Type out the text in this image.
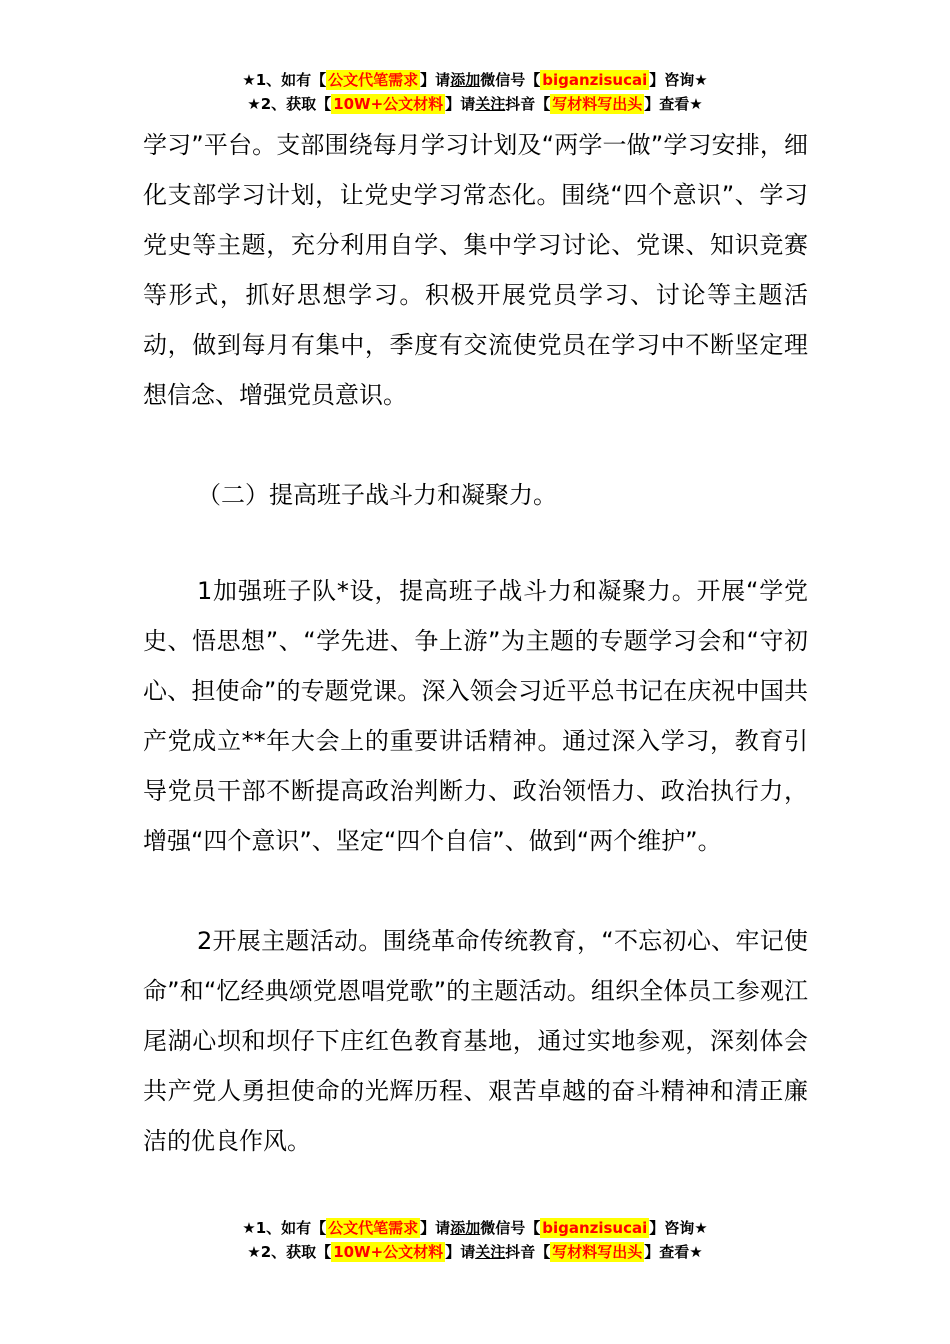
★1、如有【 公文代笔需求 】请添加微信号【 biganzisucai 】咨询★
★2、获取【 10W+公文材料 】请关注抖音【 写材料写出头 】查看★

学习”平台。支部围绕每月学习计划及“两学一做”学习安排，细化支部学习计划，让党史学习常态化。围绕“四个意识”、学习党史等主题，充分利用自学、集中学习讨论、党课、知识竞赛等形式，抓好思想学习。积极开展党员学习、讨论等主题活动，做到每月有集中，季度有交流使党员在学习中不断坚定理想信念、增强党员意识。

（二）提高班子战斗力和凝聚力。

1加强班子队*设，提高班子战斗力和凝聚力。开展“学党史、悟思想”、“学先进、争上游”为主题的专题学习会和“守初心、担使命”的专题党课。深入领会习近平总书记在庆祝中国共产党成立**年大会上的重要讲话精神。通过深入学习，教育引导党员干部不断提高政治判断力、政治领悟力、政治执行力，增强“四个意识”、坚定“四个自信”、做到“两个维护”。

2开展主题活动。围绕革命传统教育，“不忘初心、牢记使命”和“忆经典颂党恩唱党歌”的主题活动。组织全体员工参观江尾湖心坝和坝仔下庄红色教育基地，通过实地参观，深刻体会共产党人勇担使命的光辉历程、艰苦卓越的奋斗精神和清正廉洁的优良作风。

★1、如有【 公文代笔需求 】请添加微信号【 biganzisucai 】咨询★
★2、获取【 10W+公文材料 】请关注抖音【 写材料写出头 】查看★
